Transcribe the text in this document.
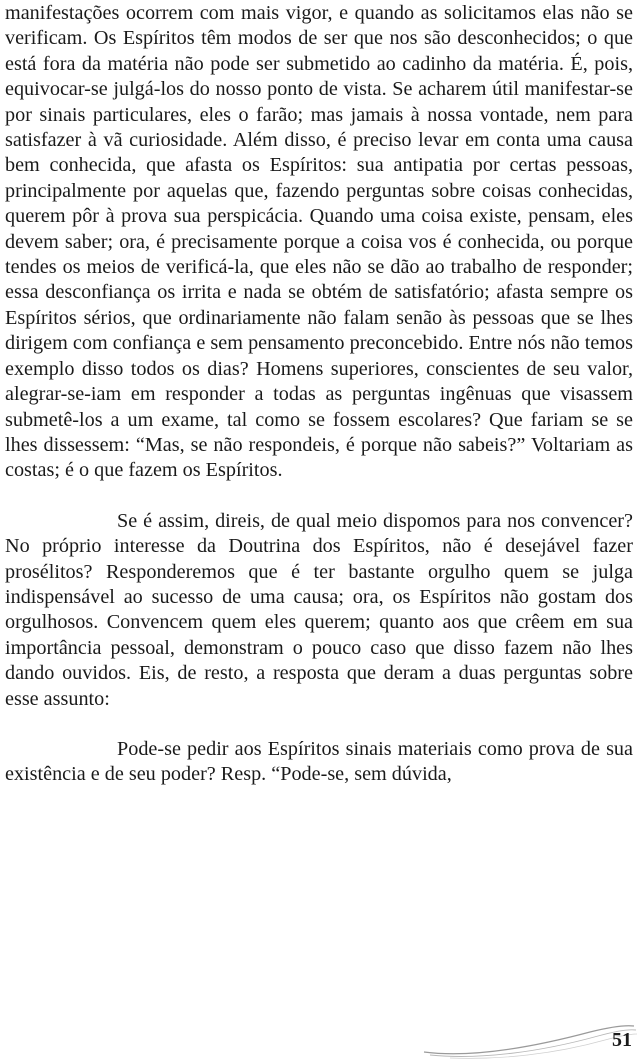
manifestações ocorrem com mais vigor, e quando as solicitamos elas não se verificam. Os Espíritos têm modos de ser que nos são desconhecidos; o que está fora da matéria não pode ser submetido ao cadinho da matéria. É, pois, equivocar-se julgá-los do nosso ponto de vista. Se acharem útil manifestar-se por sinais particulares, eles o farão; mas jamais à nossa vontade, nem para satisfazer à vã curiosidade. Além disso, é preciso levar em conta uma causa bem conhecida, que afasta os Espíritos: sua antipatia por certas pessoas, principalmente por aquelas que, fazendo perguntas sobre coisas conhecidas, querem pôr à prova sua perspicácia. Quando uma coisa existe, pensam, eles devem saber; ora, é precisamente porque a coisa vos é conhecida, ou porque tendes os meios de verificá-la, que eles não se dão ao trabalho de responder; essa desconfiança os irrita e nada se obtém de satisfatório; afasta sempre os Espíritos sérios, que ordinariamente não falam senão às pessoas que se lhes dirigem com confiança e sem pensamento preconcebido. Entre nós não temos exemplo disso todos os dias? Homens superiores, conscientes de seu valor, alegrar-se-iam em responder a todas as perguntas ingênuas que visassem submetê-los a um exame, tal como se fossem escolares? Que fariam se se lhes dissessem: “Mas, se não respondeis, é porque não sabeis?” Voltariam as costas; é o que fazem os Espíritos.

Se é assim, direis, de qual meio dispomos para nos convencer? No próprio interesse da Doutrina dos Espíritos, não é desejável fazer prosélitos? Responderemos que é ter bastante orgulho quem se julga indispensável ao sucesso de uma causa; ora, os Espíritos não gostam dos orgulhosos. Convencem quem eles querem; quanto aos que crêem em sua importância pessoal, demonstram o pouco caso que disso fazem não lhes dando ouvidos. Eis, de resto, a resposta que deram a duas perguntas sobre esse assunto:

Pode-se pedir aos Espíritos sinais materiais como prova de sua existência e de seu poder? Resp. “Pode-se, sem dúvida,

51
